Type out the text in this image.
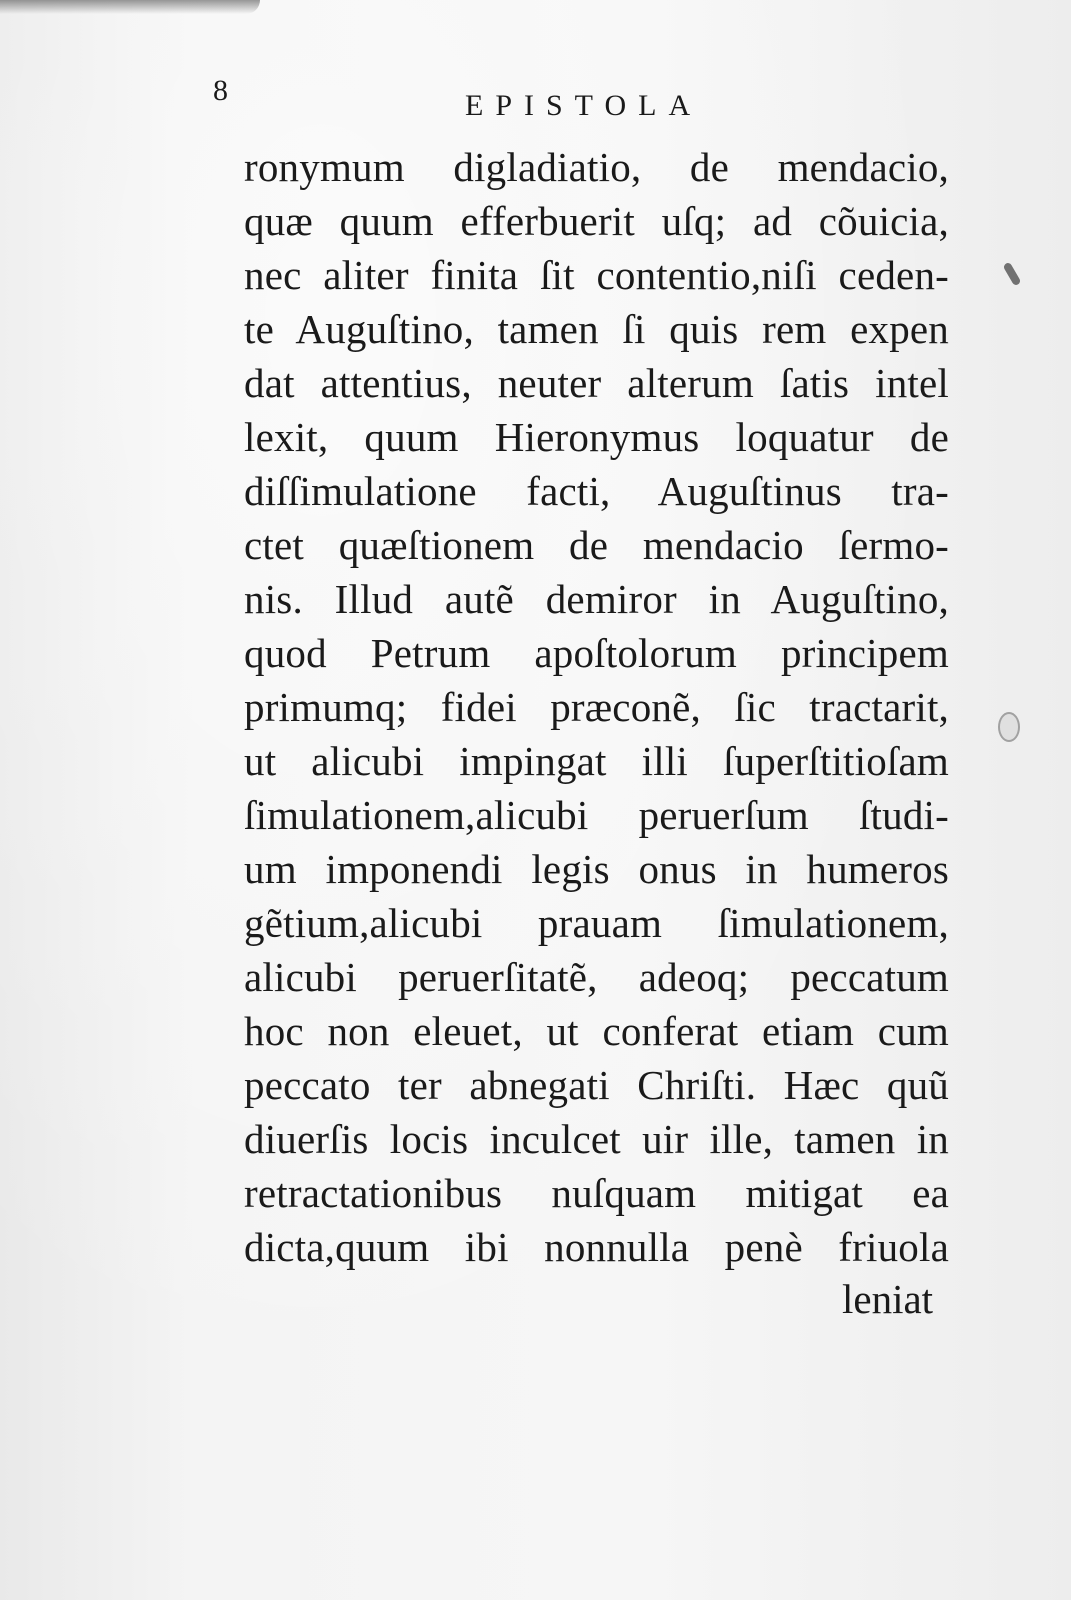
8	EPISTOLA
ronymum digladiatio, de mendacio,
quæ quum efferbuerit uſq; ad cõuicia,
nec aliter finita ſit contentio,niſi ceden-
te Auguſtino, tamen ſi quis rem expen
dat attentius, neuter alterum ſatis intel
lexit, quum Hieronymus loquatur de
diſſimulatione facti, Auguſtinus tra-
ctet quæſtionem de mendacio ſermo-
nis. Illud autẽ demiror in Auguſtino,
quod Petrum apoſtolorum principem
primumq; fidei præconẽ, ſic tractarit,
ut alicubi impingat illi ſuperſtitioſam
ſimulationem,alicubi peruerſum ſtudi-
um imponendi legis onus in humeros
gẽtium,alicubi prauam ſimulationem,
alicubi peruerſitatẽ, adeoq; peccatum
hoc non eleuet, ut conferat etiam cum
peccato ter abnegati Chriſti. Hæc quũ
diuerſis locis inculcet uir ille, tamen in
retractationibus nuſquam mitigat ea
dicta,quum ibi nonnulla penè friuola
leniat
